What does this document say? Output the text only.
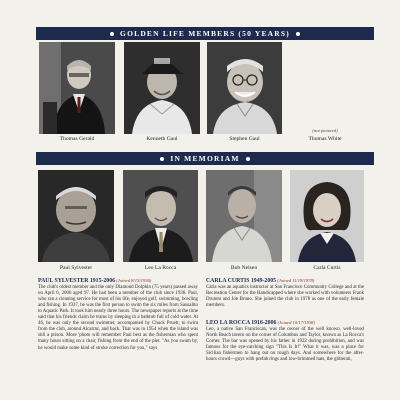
GOLDEN LIFE MEMBERS (50 YEARS)
Thomas Gerald	Kenneth Gaul	Stephen Gaul
(not pictured)
Thomas White
IN MEMORIAM
Paul Sylvester	Leo La Rocca	Bob Nelsen	Carla Curtis

PAUL SYLVESTER 1915-2006 (Joined 8/13/1936)

The club's oldest member and the only Diamond Dolphin (75 years) passed away on April 6, 2006 aged 97. He had been a member of the club since 1936. Paul, who ran a cleaning service for most of his life, enjoyed golf, swimming, bowling and fishing. In 1937, he was the first person to swim the six miles from Sausalito to Aquatic Park. It took him nearly three hours. The newspaper reports at the time said that his friends claim he trains by sleeping in a bathtub full of cold water. At 46, he was only the second swimmer, accompanied by Chuck Pruett, to swim from the club, around Alcatraz, and back. That was in 1954 when the island was still a prison. More 'photo will remember Paul best as the fisherman who spent many hours sitting on a chair, fishing from the end of the pier. "As you swam by, he would make some kind of stroke correction for you," says

CARLA CURTIS 1949-2005 (Joined 11/19/1978)

Carla was an aquatics instructor at San Francisco Community College and at the Recreation Center for the Handicapped where she worked with volunteers Frank Drumm and Joe Bruno. She joined the club in 1978 as one of the early female members.

LEO LA ROCCA 1916-2006 (Joined 10/17/1938)

Leo, a native San Franciscan, was the owner of the well known, well-loved North Beach tavern on the corner of Columbus and Taylor, known as La Rocca's Corner. The bar was opened by his father in 1922 during prohibition, and was famous for the eye-catching sign "This Is It!" What it was, was a place for Sicilian fishermen to hang out on rough days. And somewhere for the after-hours crowd—guys with prefab rings and low-brimmed hats, the glitterati,
